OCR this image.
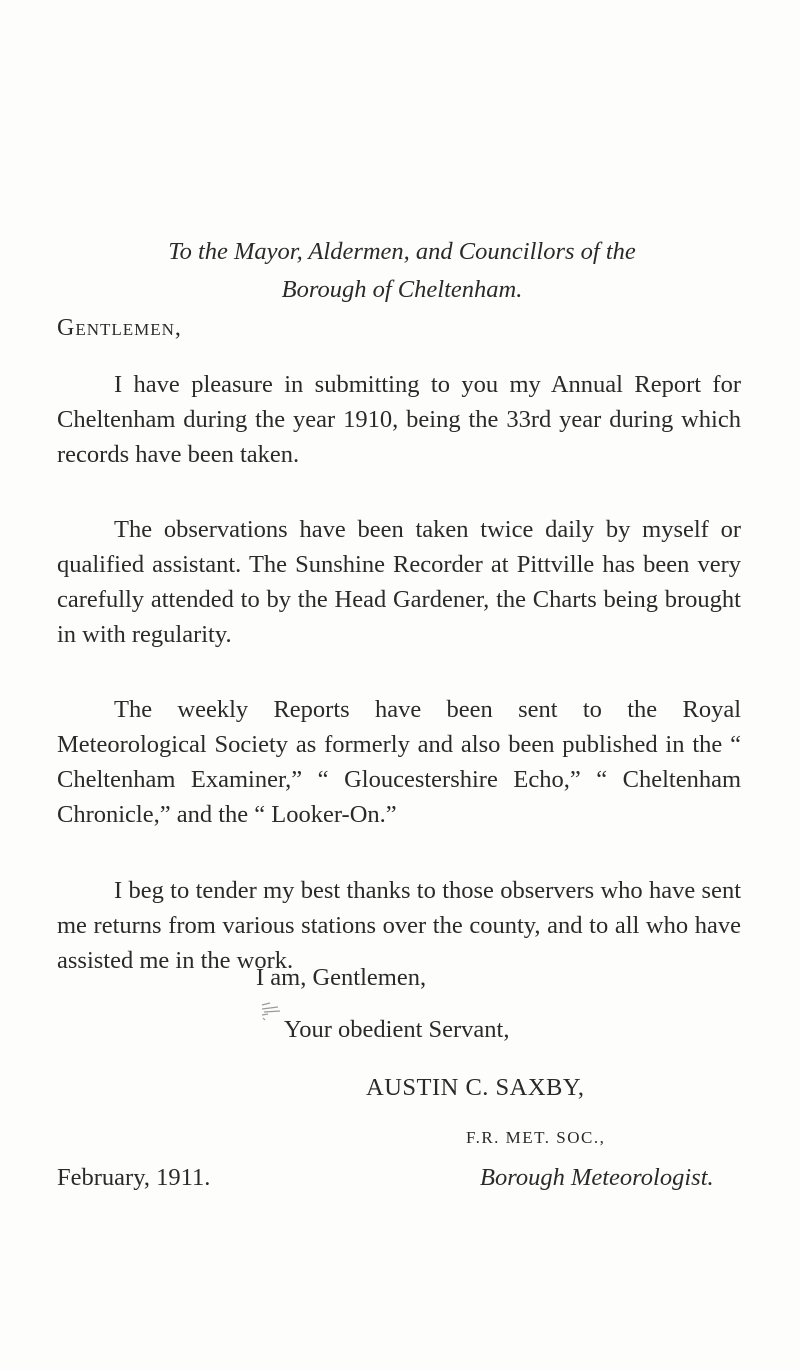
To the Mayor, Aldermen, and Councillors of the
Borough of Cheltenham.
Gentlemen,

I have pleasure in submitting to you my Annual Report for Cheltenham during the year 1910, being the 33rd year during which records have been taken.

The observations have been taken twice daily by myself or qualified assistant. The Sunshine Recorder at Pittville has been very carefully attended to by the Head Gardener, the Charts being brought in with regularity.

The weekly Reports have been sent to the Royal Meteorological Society as formerly and also been published in the “ Cheltenham Examiner,” “ Gloucestershire Echo,” “ Cheltenham Chronicle,” and the “ Looker-On.”

I beg to tender my best thanks to those observers who have sent me returns from various stations over the county, and to all who have assisted me in the work.

I am, Gentlemen,
Your obedient Servant,
AUSTIN C. SAXBY,
F.R. MET. SOC.,
February, 1911.	Borough Meteorologist.
